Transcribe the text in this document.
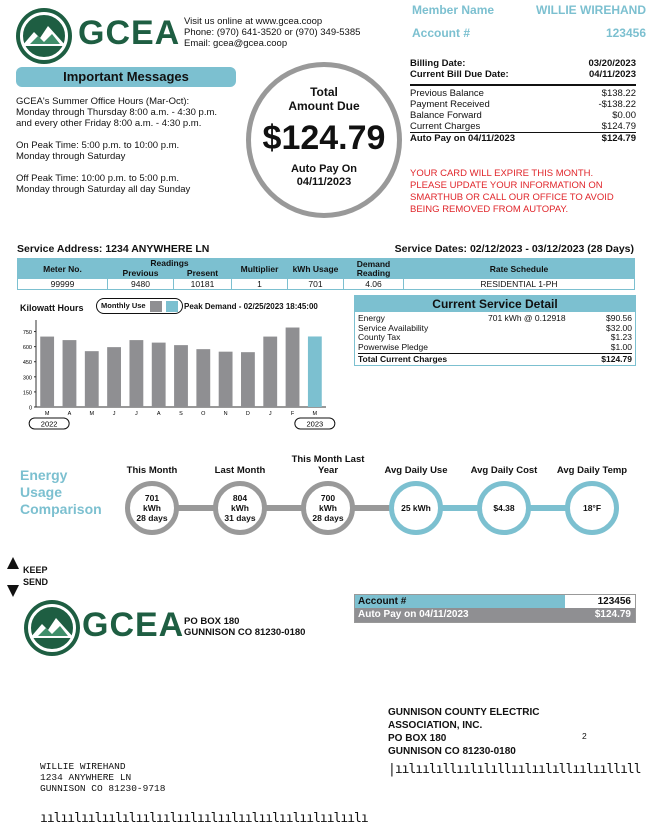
GCEA Visit us online at www.gcea.coop
Phone: (970) 641-3520 or (970) 349-5385
Email: gcea@gcea.coop
Member Name	WILLIE WIREHAND
Account #	123456
Important Messages
GCEA's Summer Office Hours (Mar-Oct):
Monday through Thursday 8:00 a.m. - 4:30 p.m.
and every other Friday 8:00 a.m. - 4:30 p.m.
On Peak Time: 5:00 p.m. to 10:00 p.m.
Monday through Saturday
Off Peak Time: 10:00 p.m. to 5:00 p.m.
Monday through Saturday all day Sunday
Total
Amount Due
$124.79
Auto Pay On
04/11/2023
Billing Date:	03/20/2023
Current Bill Due Date:	04/11/2023
Previous Balance	$138.22
Payment Received	-$138.22
Balance Forward	$0.00
Current Charges	$124.79
Auto Pay on 04/11/2023	$124.79
YOUR CARD WILL EXPIRE THIS MONTH.
PLEASE UPDATE YOUR INFORMATION ON
SMARTHUB OR CALL OUR OFFICE TO AVOID
BEING REMOVED FROM AUTOPAY.
Service Address: 1234 ANYWHERE LN	Service Dates: 02/12/2023 - 03/12/2023 (28 Days)
Meter No.	Readings		Multiplier	kWh Usage	Demand Reading	Rate Schedule
	Previous	Present				
99999	9480	10181	1	701	4.06	RESIDENTIAL 1-PH
Kilowatt Hours Monthly Use	Peak Demand - 02/25/2023 18:45:00
0
150
300
450
600
750
M	A	M	J	J	A	S	O	N	D	J	F	M
2022	2023
Current Service Detail
Energy	701 kWh @ 0.12918	$90.56
Service Availability	$32.00
County Tax	$1.23
Powerwise Pledge	$1.00
Total Current Charges	$124.79
Energy
Usage
Comparison
This Month	Last Month
This Month Last Year	Avg Daily Use	Avg Daily Cost	Avg Daily Temp
701
kWh
28 days
804
kWh
31 days
700
kWh
28 days
25 kWh	$4.38	18°F
KEEP
SEND
GCEA PO BOX 180
GUNNISON CO 81230-0180
Account #	123456
Auto Pay on 04/11/2023	$124.79
GUNNISON COUNTY ELECTRIC
ASSOCIATION, INC.
PO BOX 180
GUNNISON CO 81230-0180
2
|ıılıılıllıılılıllıılıılıllıılııllıll
WILLIE WIREHAND
1234 ANYWHERE LN
GUNNISON CO 81230-9718
ıılıılıılıılılıılıılıılıılıılıılıılıılıılıılıılı
